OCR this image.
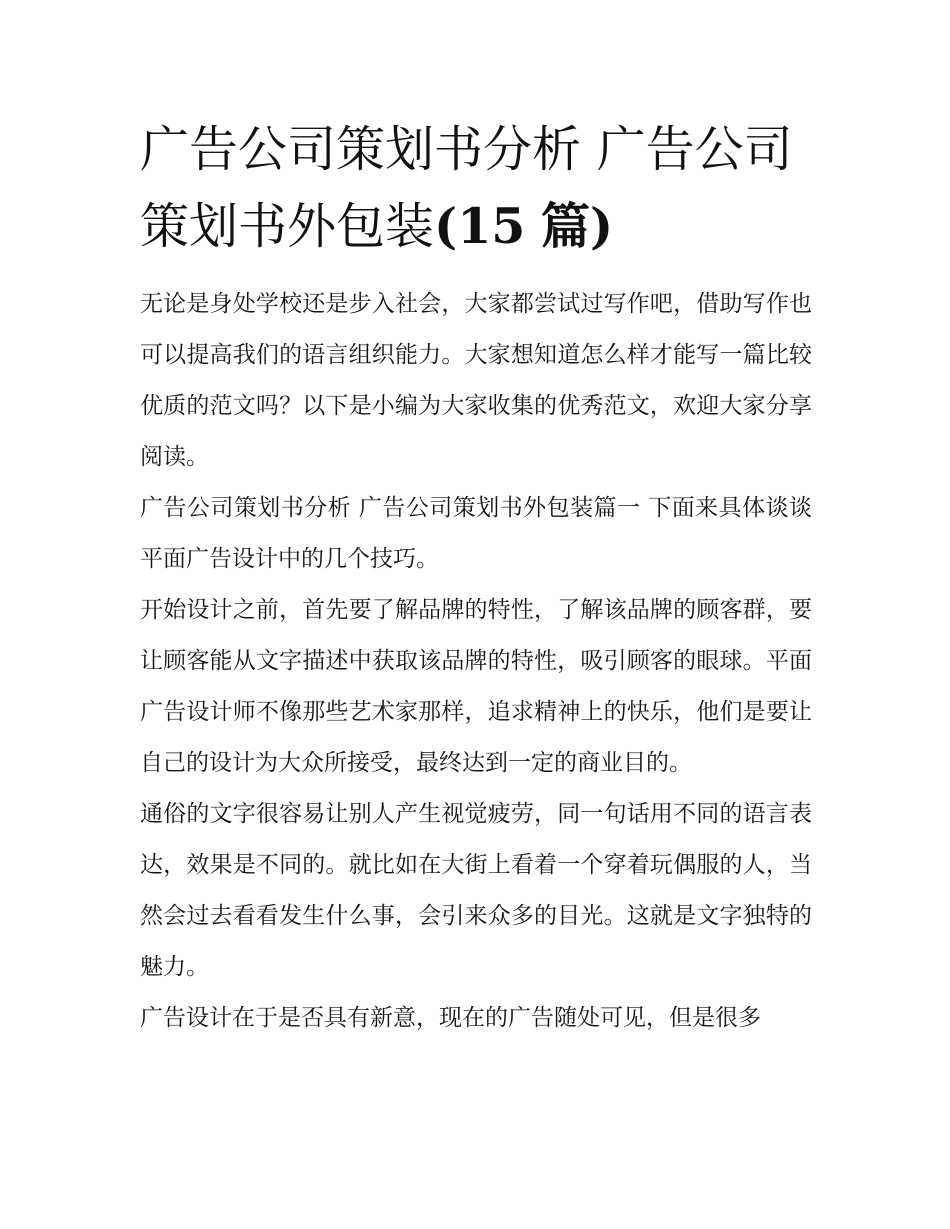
广告公司策划书分析 广告公司
策划书外包装(15 篇)

无论是身处学校还是步入社会，大家都尝试过写作吧，借助写作也可以提高我们的语言组织能力。大家想知道怎么样才能写一篇比较优质的范文吗？以下是小编为大家收集的优秀范文，欢迎大家分享阅读。

广告公司策划书分析 广告公司策划书外包装篇一 下面来具体谈谈平面广告设计中的几个技巧。

开始设计之前，首先要了解品牌的特性，了解该品牌的顾客群，要让顾客能从文字描述中获取该品牌的特性，吸引顾客的眼球。平面广告设计师不像那些艺术家那样，追求精神上的快乐，他们是要让自己的设计为大众所接受，最终达到一定的商业目的。

通俗的文字很容易让别人产生视觉疲劳，同一句话用不同的语言表达，效果是不同的。就比如在大街上看着一个穿着玩偶服的人，当然会过去看看发生什么事，会引来众多的目光。这就是文字独特的魅力。

广告设计在于是否具有新意，现在的广告随处可见，但是很多
